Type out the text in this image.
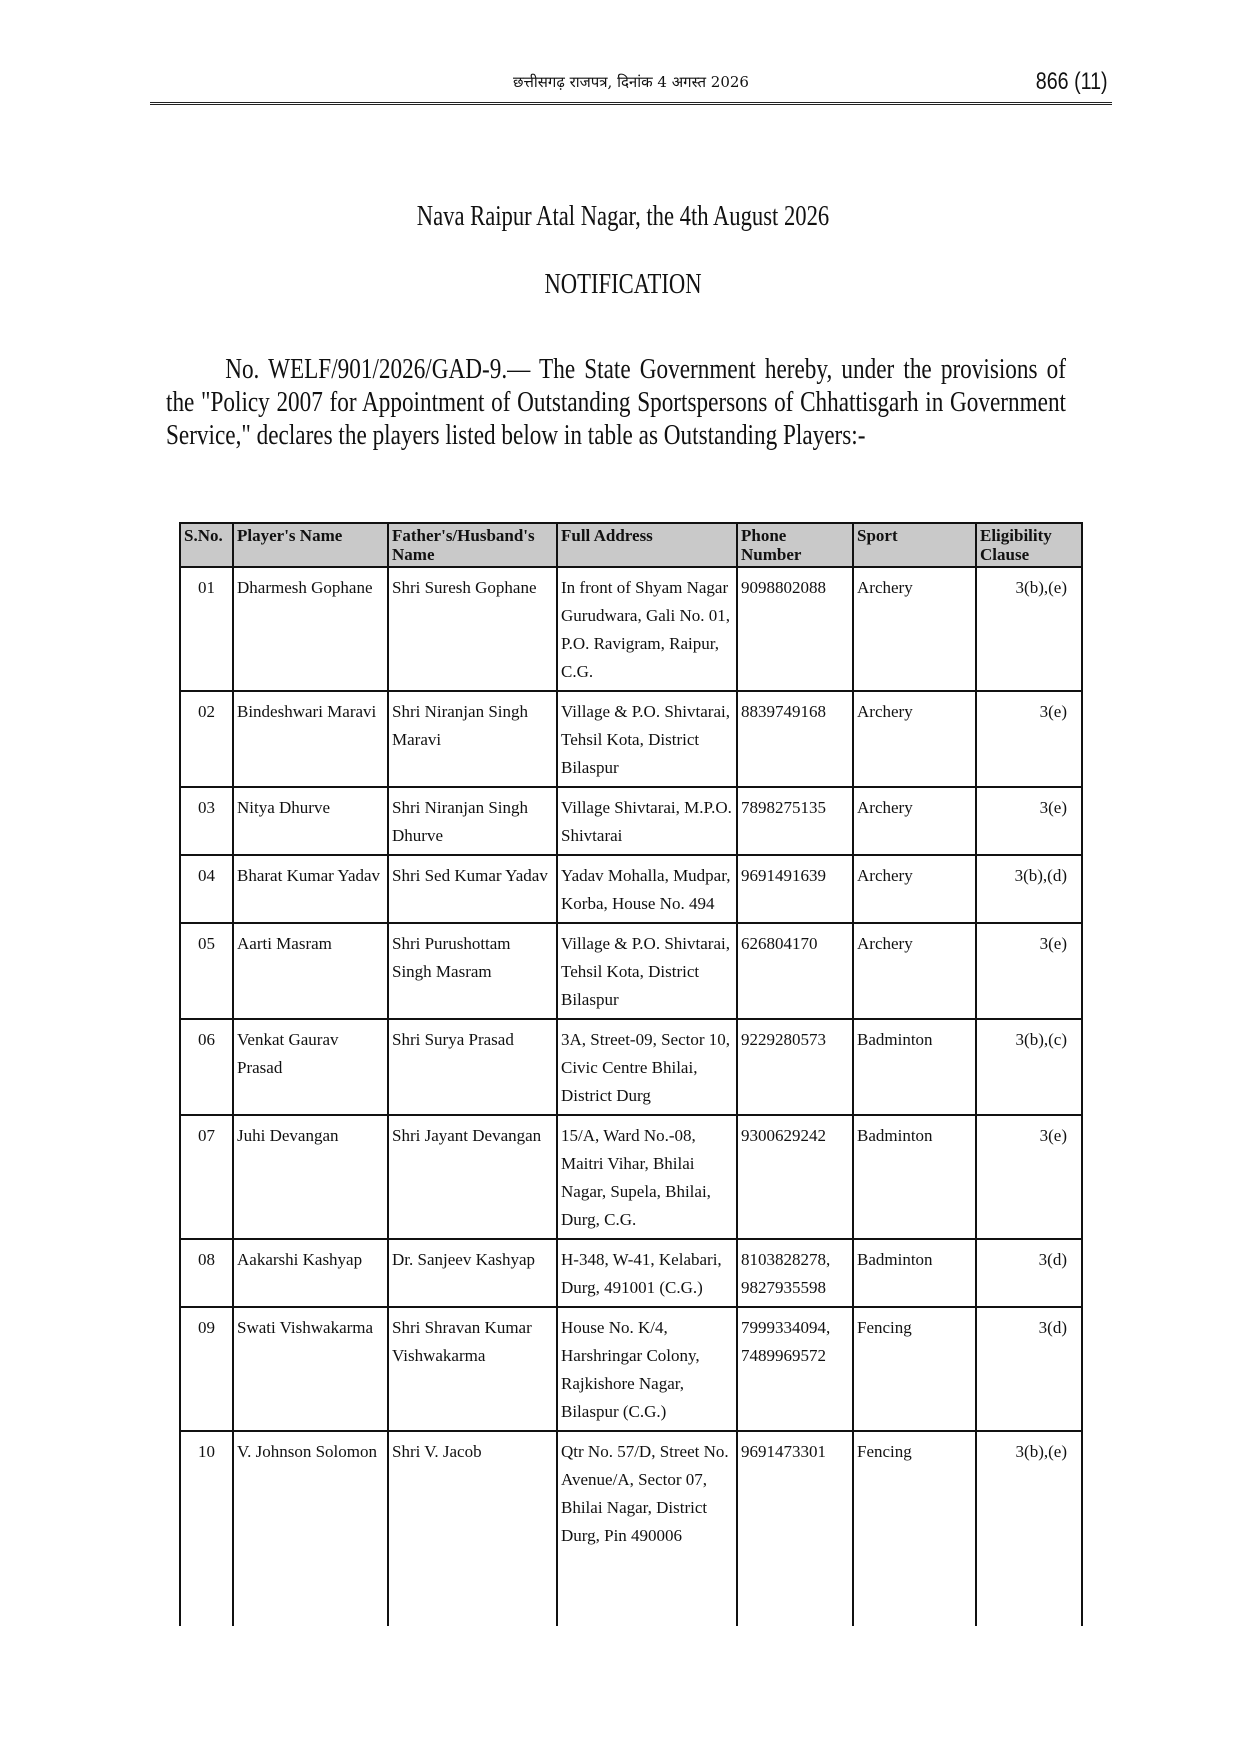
छत्तीसगढ़ राजपत्र, दिनांक 4 अगस्त 2026	866 (11)
Nava Raipur Atal Nagar, the 4th August 2026
NOTIFICATION
No. WELF/901/2026/GAD-9.— The State Government hereby, under the provisions of the "Policy 2007 for Appointment of Outstanding Sportspersons of Chhattisgarh in Government Service," declares the players listed below in table as Outstanding Players:-
S.No.	Player's Name	Father's/Husband's Name	Full Address	Phone Number	Sport	Eligibility Clause
01	Dharmesh Gophane	Shri Suresh Gophane	In front of Shyam Nagar Gurudwara, Gali No. 01, P.O. Ravigram, Raipur, C.G.	9098802088	Archery	3(b),(e)
02	Bindeshwari Maravi	Shri Niranjan Singh Maravi	Village & P.O. Shivtarai, Tehsil Kota, District Bilaspur	8839749168	Archery	3(e)
03	Nitya Dhurve	Shri Niranjan Singh Dhurve	Village Shivtarai, M.P.O. Shivtarai	7898275135	Archery	3(e)
04	Bharat Kumar Yadav	Shri Sed Kumar Yadav	Yadav Mohalla, Mudpar, Korba, House No. 494	9691491639	Archery	3(b),(d)
05	Aarti Masram	Shri Purushottam Singh Masram	Village & P.O. Shivtarai, Tehsil Kota, District Bilaspur	626804170	Archery	3(e)
06	Venkat Gaurav Prasad	Shri Surya Prasad	3A, Street-09, Sector 10, Civic Centre Bhilai, District Durg	9229280573	Badminton	3(b),(c)
07	Juhi Devangan	Shri Jayant Devangan	15/A, Ward No.-08, Maitri Vihar, Bhilai Nagar, Supela, Bhilai, Durg, C.G.	9300629242	Badminton	3(e)
08	Aakarshi Kashyap	Dr. Sanjeev Kashyap	H-348, W-41, Kelabari, Durg, 491001 (C.G.)	8103828278, 9827935598	Badminton	3(d)
09	Swati Vishwakarma	Shri Shravan Kumar Vishwakarma	House No. K/4, Harshringar Colony, Rajkishore Nagar, Bilaspur (C.G.)	7999334094, 7489969572	Fencing	3(d)
10	V. Johnson Solomon	Shri V. Jacob	Qtr No. 57/D, Street No. Avenue/A, Sector 07, Bhilai Nagar, District Durg, Pin 490006	9691473301	Fencing	3(b),(e)
